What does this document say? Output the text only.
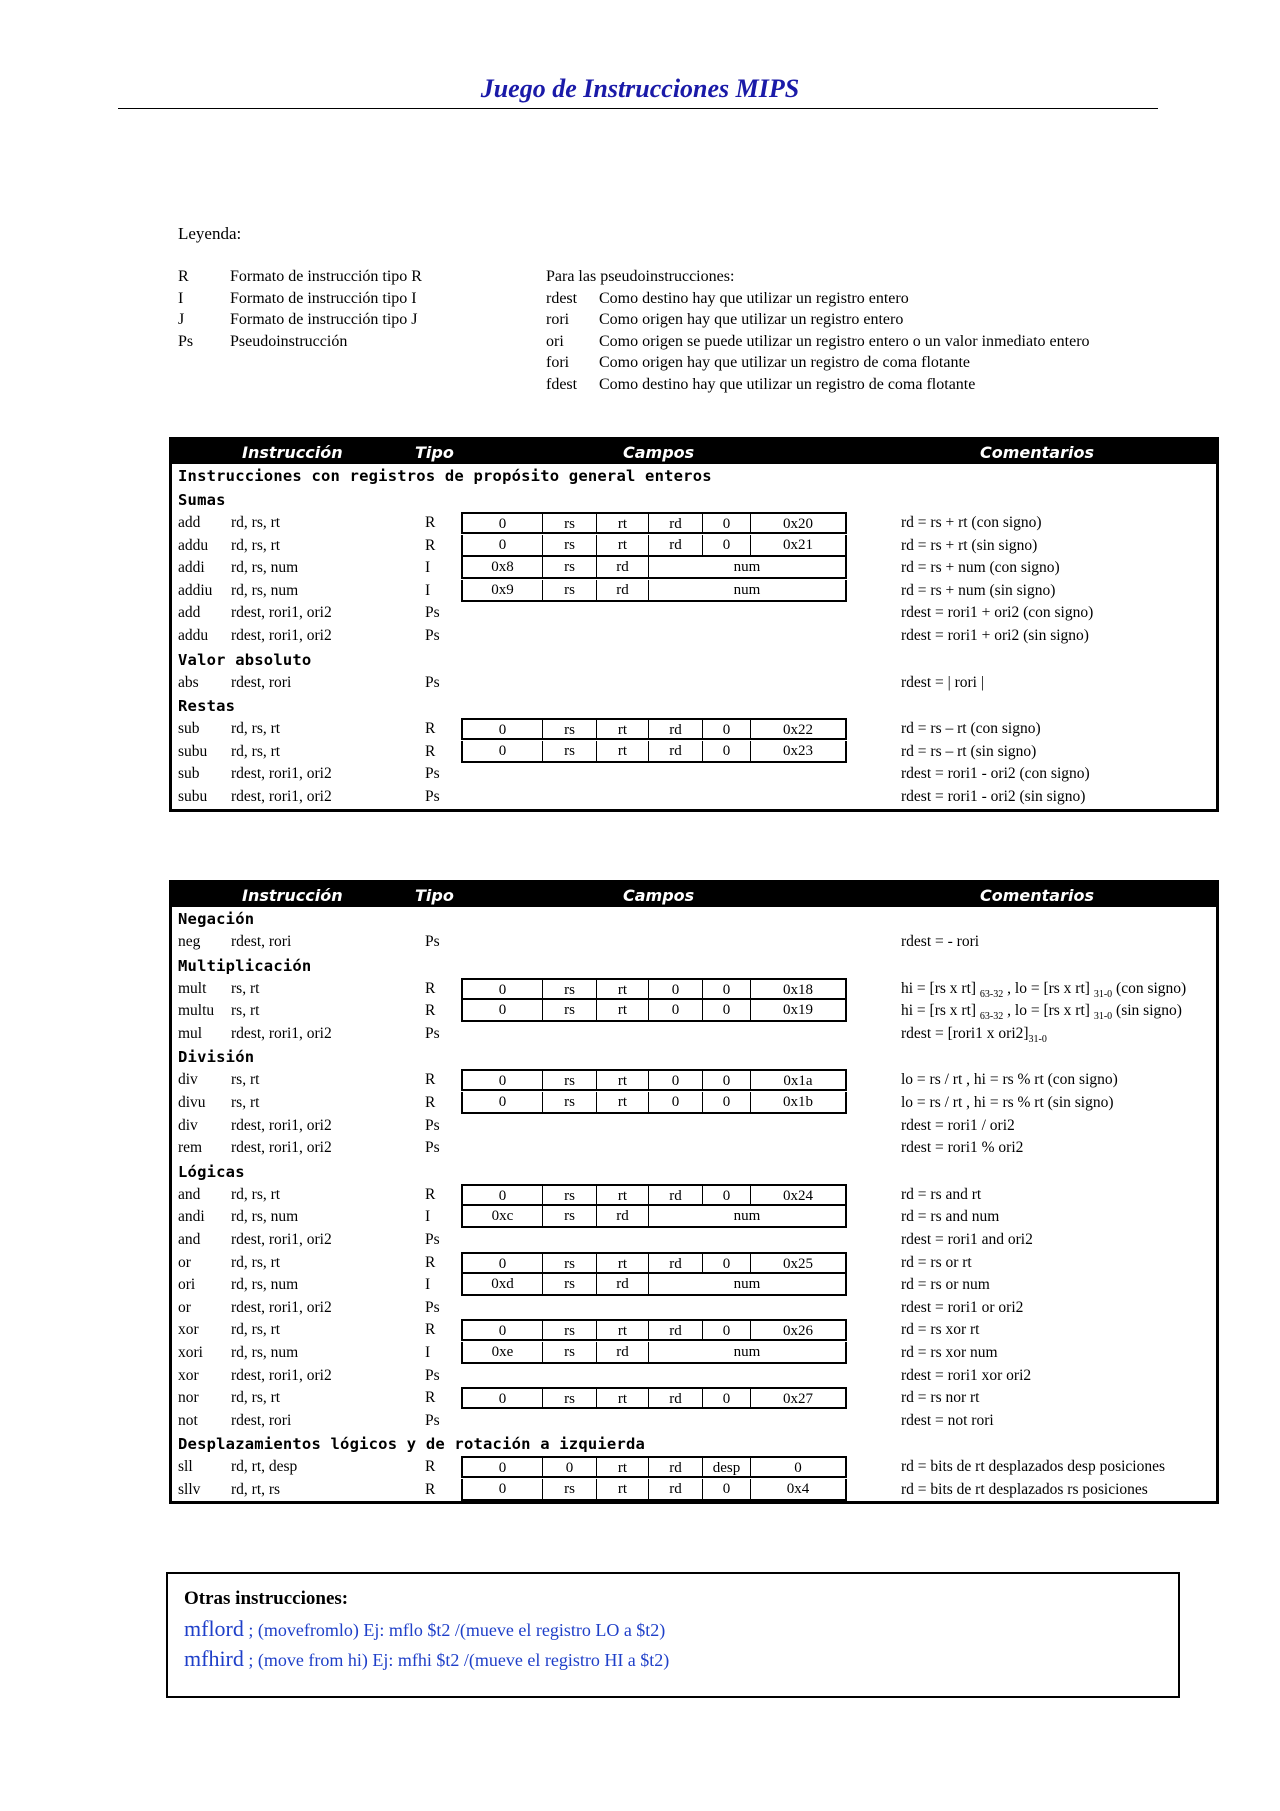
Juego de Instrucciones MIPS
Leyenda:
R	Formato de instrucción tipo R
I	Formato de instrucción tipo I
J	Formato de instrucción tipo J
Ps	Pseudoinstrucción
Para las pseudoinstrucciones:
rdest	Como destino hay que utilizar un registro entero
rori	Como origen hay que utilizar un registro entero
ori	Como origen se puede utilizar un registro entero o un valor inmediato entero
fori	Como origen hay que utilizar un registro de coma flotante
fdest	Como destino hay que utilizar un registro de coma flotante
Instrucción	Tipo	Campos	Comentarios
Instrucciones con registros de propósito general enteros
Sumas
add rd, rs, rt	R	0	rs	rt	rd	0	0x20	rd = rs + rt (con signo)
addu rd, rs, rt	R	0	rs	rt	rd	0	0x21	rd = rs + rt (sin signo)
addi rd, rs, num	I	0x8	rs	rd	num	rd = rs + num (con signo)
addiu rd, rs, num	I	0x9	rs	rd	num	rd = rs + num (sin signo)
add rdest, rori1, ori2	Ps	rdest = rori1 + ori2 (con signo)
addu rdest, rori1, ori2	Ps	rdest = rori1 + ori2 (sin signo)
Valor absoluto
abs rdest, rori	Ps	rdest = | rori |
Restas
sub rd, rs, rt	R	0	rs	rt	rd	0	0x22	rd = rs – rt (con signo)
subu rd, rs, rt	R	0	rs	rt	rd	0	0x23	rd = rs – rt (sin signo)
sub rdest, rori1, ori2	Ps	rdest = rori1 - ori2 (con signo)
subu rdest, rori1, ori2	Ps	rdest = rori1 - ori2 (sin signo)
Instrucción	Tipo	Campos	Comentarios
Negación
neg rdest, rori	Ps	rdest = - rori
Multiplicación
mult rs, rt	R	0	rs	rt	0	0	0x18	hi = [rs x rt] $_{63-32}$ , lo = [rs x rt] $_{31-0}$ (con signo)
multu rs, rt	R	0	rs	rt	0	0	0x19	hi = [rs x rt] $_{63-32}$ , lo = [rs x rt] $_{31-0}$ (sin signo)
mul rdest, rori1, ori2	Ps	rdest = [rori1 x $ori2]_{31-0}$
División
div rs, rt	R	0	rs	rt	0	0	0x1a	lo = rs / rt , hi = rs % rt (con signo)
divu rs, rt	R	0	rs	rt	0	0	0x1b	lo = rs / rt , hi = rs % rt (sin signo)
div rdest, rori1, ori2	Ps	rdest = rori1 / ori2
rem rdest, rori1, ori2	Ps	rdest = rori1 % ori2
Lógicas
and rd, rs, rt	R	0	rs	rt	rd	0	0x24	rd = rs and rt
andi rd, rs, num	I	0xc	rs	rd	num	rd = rs and num
and rdest, rori1, ori2	Ps	rdest = rori1 and ori2
or	rd, rs, rt	R	0	rs	rt	rd	0	0x25	rd = rs or rt
ori rd, rs, num	I	0xd	rs	rd	num	rd = rs or num
or	rdest, rori1, ori2	Ps	rdest = rori1 or ori2
xor rd, rs, rt	R	0	rs	rt	rd	0	0x26	rd = rs xor rt
xori rd, rs, num	I	0xe	rs	rd	num	rd = rs xor num
xor rdest, rori1, ori2	Ps	rdest = rori1 xor ori2
nor rd, rs, rt	R	0	rs	rt	rd	0	0x27	rd = rs nor rt
not rdest, rori	Ps	rdest = not rori
Desplazamientos lógicos y de rotación a izquierda
sll rd, rt, desp	R	0	0	rt	rd	desp	0	rd = bits de rt desplazados desp posiciones
sllv rd, rt, rs	R	0	rs	rt	rd	0	0x4	rd = bits de rt desplazados rs posiciones
Otras instrucciones:
mflord ; (movefromlo) Ej: mflo $t2 /(mueve el registro LO a $t2)
mfhird ; (move from hi) Ej: mfhi $t2 /(mueve el registro HI a $t2)
